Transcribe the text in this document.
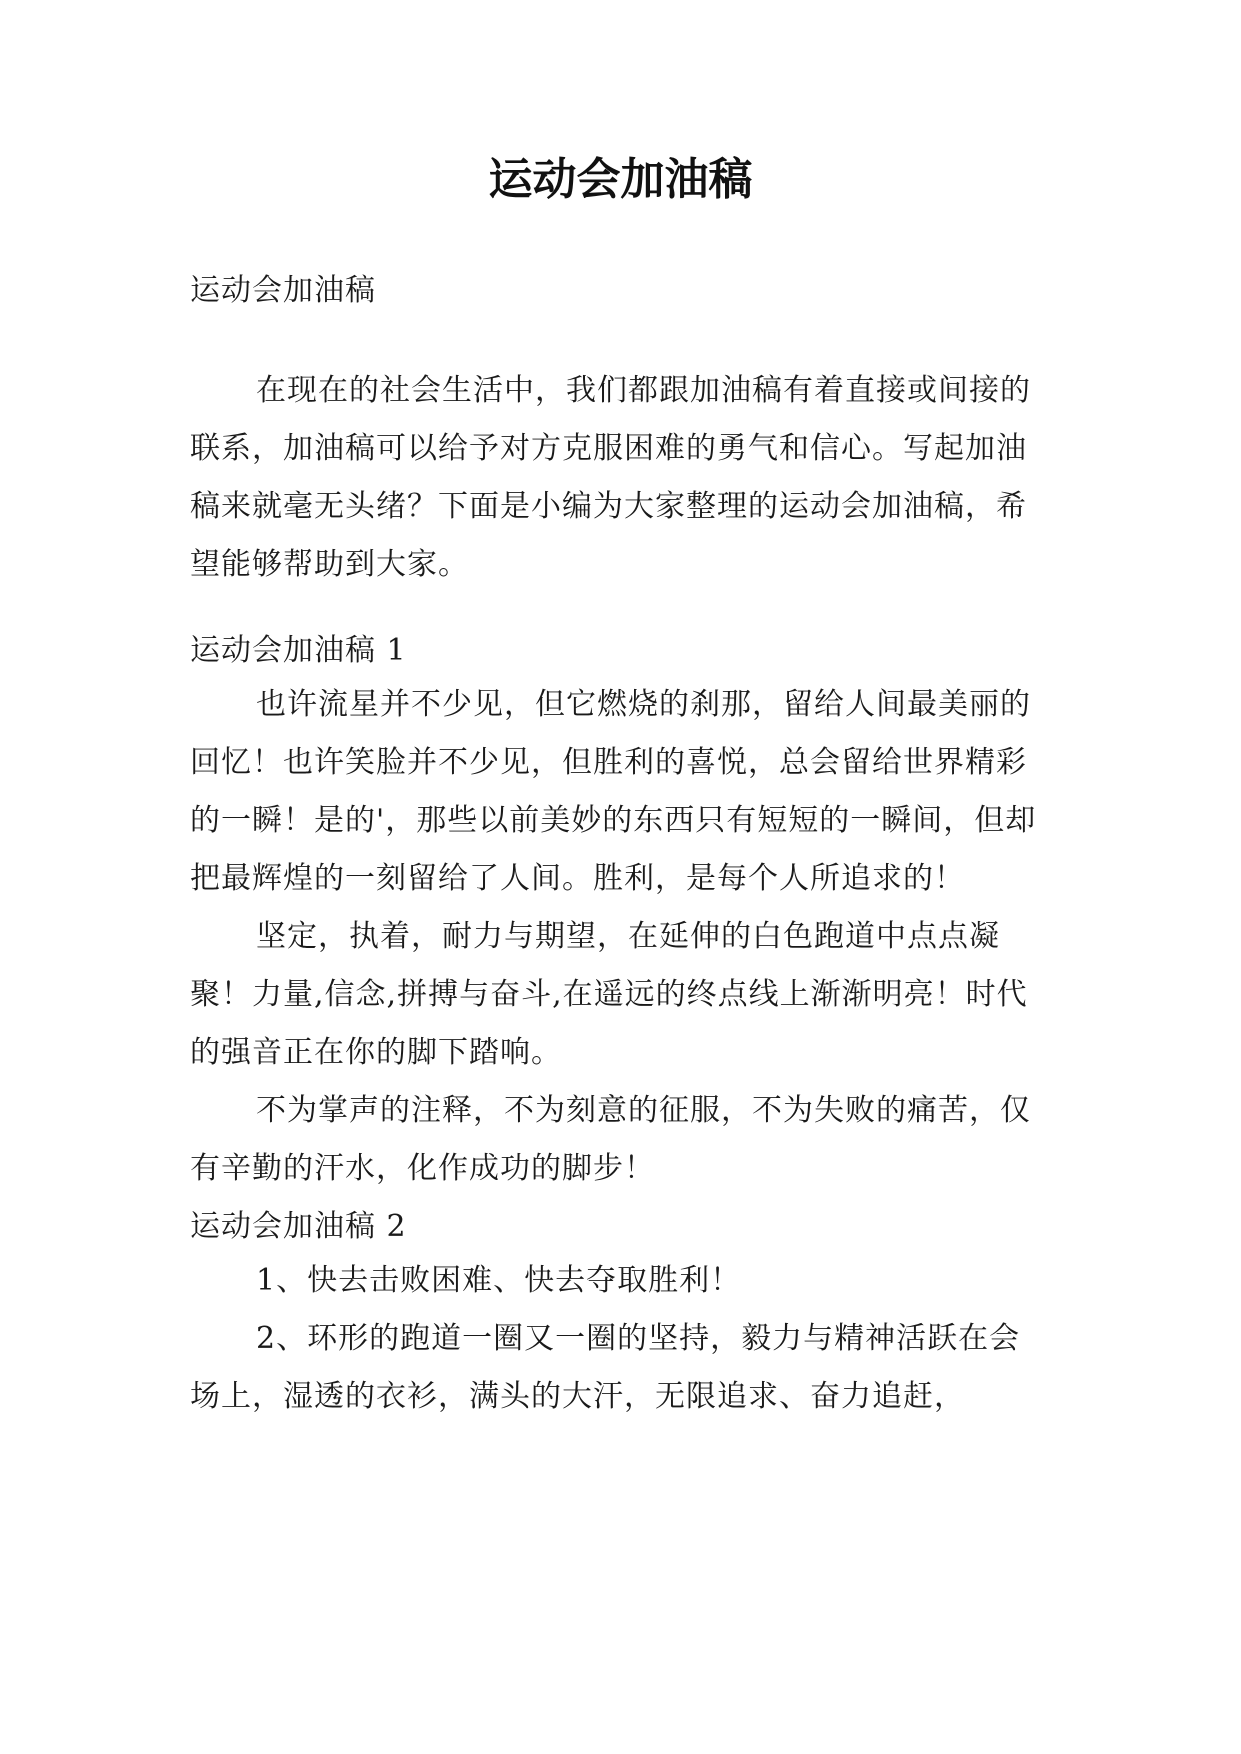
运动会加油稿
运动会加油稿

在现在的社会生活中，我们都跟加油稿有着直接或间接的联系，加油稿可以给予对方克服困难的勇气和信心。写起加油稿来就毫无头绪？下面是小编为大家整理的运动会加油稿，希望能够帮助到大家。

运动会加油稿 1

也许流星并不少见，但它燃烧的刹那，留给人间最美丽的回忆！也许笑脸并不少见，但胜利的喜悦，总会留给世界精彩的一瞬！是的'，那些以前美妙的东西只有短短的一瞬间，但却把最辉煌的一刻留给了人间。胜利，是每个人所追求的！

坚定，执着，耐力与期望，在延伸的白色跑道中点点凝聚！力量,信念,拼搏与奋斗,在遥远的终点线上渐渐明亮！时代的强音正在你的脚下踏响。

不为掌声的注释，不为刻意的征服，不为失败的痛苦，仅有辛勤的汗水，化作成功的脚步！

运动会加油稿 2

1、快去击败困难、快去夺取胜利！

2、环形的跑道一圈又一圈的坚持，毅力与精神活跃在会场上，湿透的衣衫，满头的大汗，无限追求、奋力追赶，
